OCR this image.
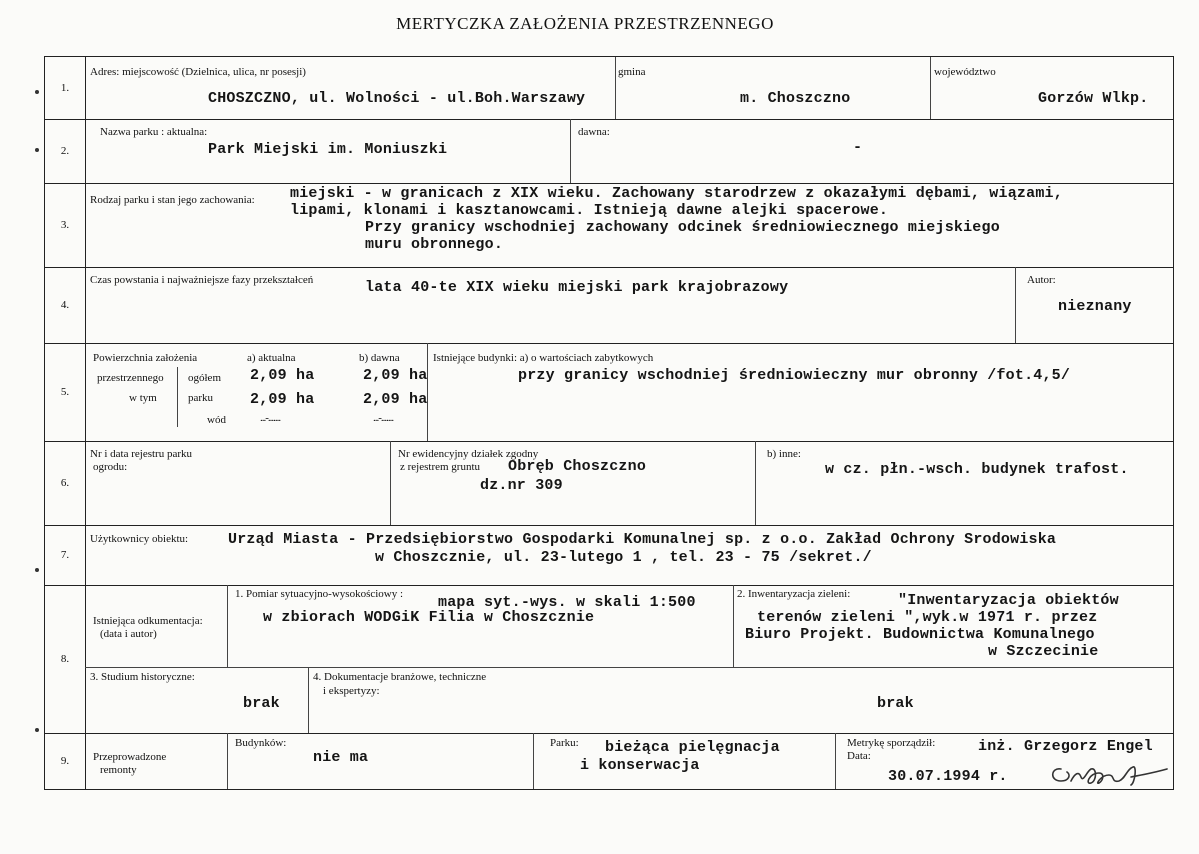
MERTYCZKA ZAŁOŻENIA PRZESTRZENNEGO
1.
Adres: miejscowość (Dzielnica, ulica, nr posesji)
CHOSZCZNO, ul. Wolności - ul.Boh.Warszawy
gmina
m. Choszczno
województwo
Gorzów Wlkp.
2.
Nazwa parku : aktualna:
Park Miejski im. Moniuszki
dawna:
-
3.
Rodzaj parku i stan jego zachowania: miejski - w granicach z XIX wieku. Zachowany starodrzew z okazałymi dębami, wiązami,
lipami, klonami i kasztanowcami. Istnieją dawne alejki spacerowe.
Przy granicy wschodniej zachowany odcinek średniowiecznego miejskiego
muru obronnego.
4.
Czas powstania i najważniejsze fazy przekształceń	lata 40-te XIX wieku miejski park krajobrazowy	Autor:
nieznany
5.
Powierzchnia założenia	a) aktualna	b) dawna
przestrzennego ogółem 2,09 ha	2,09 ha
w tym	parku 2,09 ha	2,09 ha
wód	...-.......	...-.......
Istniejące budynki: a) o wartościach zabytkowych
przy granicy wschodniej średniowieczny mur obronny /fot.4,5/
6.
Nr i data rejestru parku
ogrodu:
Nr ewidencyjny działek zgodny
z rejestrem gruntu Obręb Choszczno
dz.nr 309
b) inne:
w cz. płn.-wsch. budynek trafost.
7.
Użytkownicy obiektu:	Urząd Miasta - Przedsiębiorstwo Gospodarki Komunalnej sp. z o.o. Zakład Ochrony Srodowiska
w Choszcznie, ul. 23-lutego 1 , tel. 23 - 75 /sekret./
8.
Istniejąca odkumentacja:
(data i autor)
1. Pomiar sytuacyjno-wysokościowy : mapa syt.-wys. w skali 1:500
w zbiorach WODGiK Filia w Choszcznie
2. Inwentaryzacja zieleni:	"Inwentaryzacja obiektów
terenów zieleni ",wyk.w 1971 r. przez
Biuro Projekt. Budownictwa Komunalnego
w Szczecinie
3. Studium historyczne:
brak
4. Dokumentacje branżowe, techniczne
i ekspertyzy:
brak
9.	Przeprowadzone
remonty
Budynków:
nie ma
Parku: bieżąca pielęgnacja
i konserwacja
Metrykę sporządził:
Data:
inż. Grzegorz Engel
30.07.1994 r.
